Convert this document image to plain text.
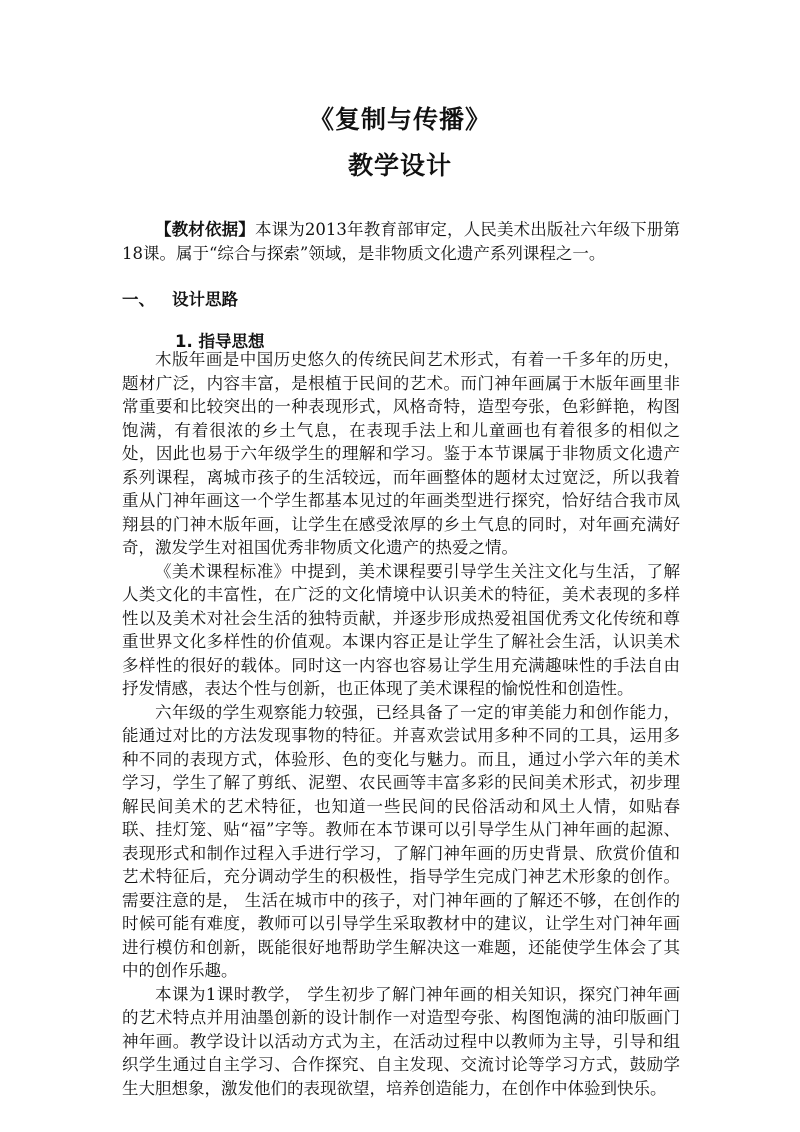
《复制与传播》
教学设计

【教材依据】本课为2013年教育部审定，人民美术出版社六年级下册第18课。属于“综合与探索”领域，是非物质文化遗产系列课程之一。

一、 设计思路
1. 指导思想

木版年画是中国历史悠久的传统民间艺术形式，有着一千多年的历史，题材广泛，内容丰富，是根植于民间的艺术。而门神年画属于木版年画里非常重要和比较突出的一种表现形式，风格奇特，造型夸张，色彩鲜艳，构图饱满，有着很浓的乡土气息，在表现手法上和儿童画也有着很多的相似之处，因此也易于六年级学生的理解和学习。鉴于本节课属于非物质文化遗产系列课程，离城市孩子的生活较远，而年画整体的题材太过宽泛，所以我着重从门神年画这一个学生都基本见过的年画类型进行探究，恰好结合我市凤翔县的门神木版年画，让学生在感受浓厚的乡土气息的同时，对年画充满好奇，激发学生对祖国优秀非物质文化遗产的热爱之情。

《美术课程标准》中提到，美术课程要引导学生关注文化与生活，了解人类文化的丰富性，在广泛的文化情境中认识美术的特征，美术表现的多样性以及美术对社会生活的独特贡献，并逐步形成热爱祖国优秀文化传统和尊重世界文化多样性的价值观。本课内容正是让学生了解社会生活，认识美术多样性的很好的载体。同时这一内容也容易让学生用充满趣味性的手法自由抒发情感，表达个性与创新，也正体现了美术课程的愉悦性和创造性。

六年级的学生观察能力较强，已经具备了一定的审美能力和创作能力，能通过对比的方法发现事物的特征。并喜欢尝试用多种不同的工具，运用多种不同的表现方式，体验形、色的变化与魅力。而且，通过小学六年的美术学习，学生了解了剪纸、泥塑、农民画等丰富多彩的民间美术形式，初步理解民间美术的艺术特征，也知道一些民间的民俗活动和风土人情，如贴春联、挂灯笼、贴“福”字等。教师在本节课可以引导学生从门神年画的起源、表现形式和制作过程入手进行学习，了解门神年画的历史背景、欣赏价值和艺术特征后，充分调动学生的积极性，指导学生完成门神艺术形象的创作。需要注意的是， 生活在城市中的孩子，对门神年画的了解还不够，在创作的时候可能有难度，教师可以引导学生采取教材中的建议，让学生对门神年画进行模仿和创新，既能很好地帮助学生解决这一难题，还能使学生体会了其中的创作乐趣。

本课为1课时教学， 学生初步了解门神年画的相关知识，探究门神年画的艺术特点并用油墨创新的设计制作一对造型夸张、构图饱满的油印版画门神年画。教学设计以活动方式为主，在活动过程中以教师为主导，引导和组织学生通过自主学习、合作探究、自主发现、交流讨论等学习方式，鼓励学生大胆想象，激发他们的表现欲望，培养创造能力，在创作中体验到快乐。
